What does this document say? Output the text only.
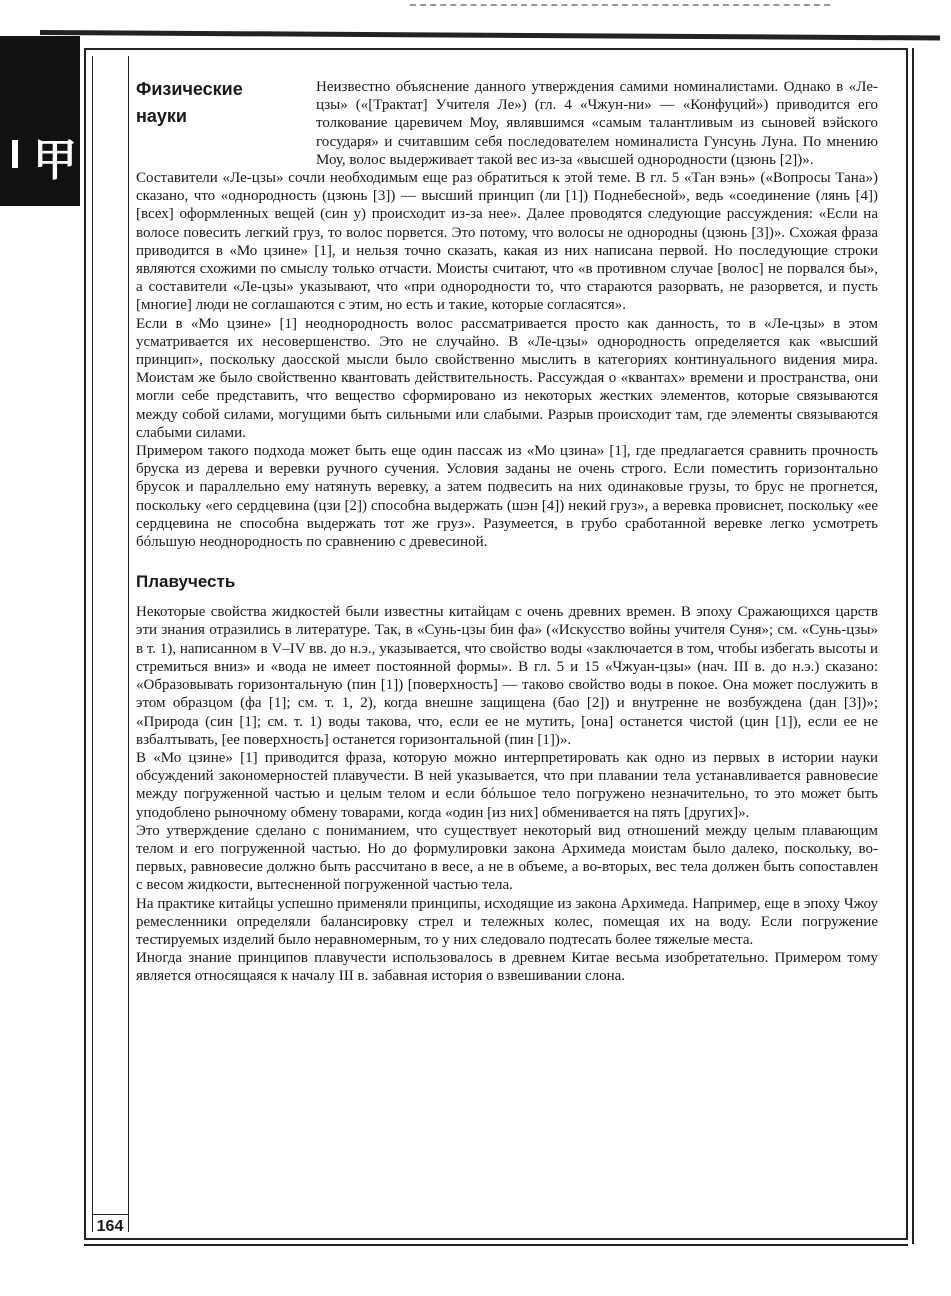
甲
164
Физические
науки

Неизвестно объяснение данного утверждения самими номиналистами. Однако в «Ле-цзы» («[Трактат] Учителя Ле») (гл. 4 «Чжун-ни» — «Конфуций») приводится его толкование царевичем Моу, являвшимся «самым талантливым из сыновей вэйского государя» и считавшим себя последователем номиналиста Гунсунь Луна. По мнению Моу, волос выдерживает такой вес из-за «высшей однородности (цзюнь [2])».

Составители «Ле-цзы» сочли необходимым еще раз обратиться к этой теме. В гл. 5 «Тан вэнь» («Вопросы Тана») сказано, что «однородность (цзюнь [3]) — высший принцип (ли [1]) Поднебесной», ведь «соединение (лянь [4]) [всех] оформленных вещей (син у) происходит из-за нее». Далее проводятся следующие рассуждения: «Если на волосе повесить легкий груз, то волос порвется. Это потому, что волосы не однородны (цзюнь [3])». Схожая фраза приводится в «Мо цзине» [1], и нельзя точно сказать, какая из них написана первой. Но последующие строки являются схожими по смыслу только отчасти. Моисты считают, что «в противном случае [волос] не порвался бы», а составители «Ле-цзы» указывают, что «при однородности то, что стараются разорвать, не разорвется, и пусть [многие] люди не соглашаются с этим, но есть и такие, которые согласятся».

Если в «Мо цзине» [1] неоднородность волос рассматривается просто как данность, то в «Ле-цзы» в этом усматривается их несовершенство. Это не случайно. В «Ле-цзы» однородность определяется как «высший принцип», поскольку даосской мысли было свойственно мыслить в категориях континуального видения мира. Моистам же было свойственно квантовать действительность. Рассуждая о «квантах» времени и пространства, они могли себе представить, что вещество сформировано из некоторых жестких элементов, которые связываются между собой силами, могущими быть сильными или слабыми. Разрыв происходит там, где элементы связываются слабыми силами.

Примером такого подхода может быть еще один пассаж из «Мо цзина» [1], где предлагается сравнить прочность бруска из дерева и веревки ручного сучения. Условия заданы не очень строго. Если поместить горизонтально брусок и параллельно ему натянуть веревку, а затем подвесить на них одинаковые грузы, то брус не прогнется, поскольку «его сердцевина (цзи [2]) способна выдержать (шэн [4]) некий груз», а веревка провиснет, поскольку «ее сердцевина не способна выдержать тот же груз». Разумеется, в грубо сработанной веревке легко усмотреть бóльшую неоднородность по сравнению с древесиной.

Плавучесть

Некоторые свойства жидкостей были известны китайцам с очень древних времен. В эпоху Сражающихся царств эти знания отразились в литературе. Так, в «Сунь-цзы бин фа» («Искусство войны учителя Суня»; см. «Сунь-цзы» в т. 1), написанном в V–IV вв. до н.э., указывается, что свойство воды «заключается в том, чтобы избегать высоты и стремиться вниз» и «вода не имеет постоянной формы». В гл. 5 и 15 «Чжуан-цзы» (нач. III в. до н.э.) сказано: «Образовывать горизонтальную (пин [1]) [поверхность] — таково свойство воды в покое. Она может послужить в этом образцом (фа [1]; см. т. 1, 2), когда внешне защищена (бао [2]) и внутренне не возбуждена (дан [3])»; «Природа (син [1]; см. т. 1) воды такова, что, если ее не мутить, [она] останется чистой (цин [1]), если ее не взбалтывать, [ее поверхность] останется горизонтальной (пин [1])».

В «Мо цзине» [1] приводится фраза, которую можно интерпретировать как одно из первых в истории науки обсуждений закономерностей плавучести. В ней указывается, что при плавании тела устанавливается равновесие между погруженной частью и целым телом и если бóльшое тело погружено незначительно, то это может быть уподоблено рыночному обмену товарами, когда «один [из них] обменивается на пять [других]».

Это утверждение сделано с пониманием, что существует некоторый вид отношений между целым плавающим телом и его погруженной частью. Но до формулировки закона Архимеда моистам было далеко, поскольку, во-первых, равновесие должно быть рассчитано в весе, а не в объеме, а во-вторых, вес тела должен быть сопоставлен с весом жидкости, вытесненной погруженной частью тела.

На практике китайцы успешно применяли принципы, исходящие из закона Архимеда. Например, еще в эпоху Чжоу ремесленники определяли балансировку стрел и тележных колес, помещая их на воду. Если погружение тестируемых изделий было неравномерным, то у них следовало подтесать более тяжелые места.

Иногда знание принципов плавучести использовалось в древнем Китае весьма изобретательно. Примером тому является относящаяся к началу III в. забавная история о взвешивании слона.
